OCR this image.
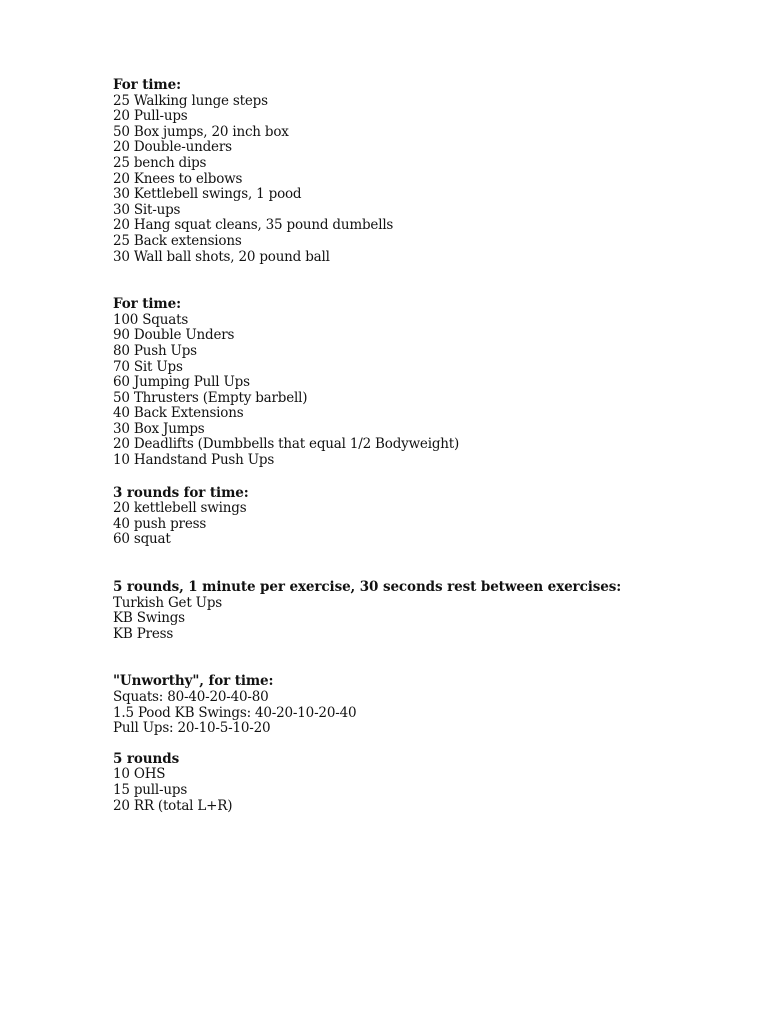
For time:

25 Walking lunge steps
20 Pull-ups
50 Box jumps, 20 inch box
20 Double-unders
25 bench dips
20 Knees to elbows
30 Kettlebell swings, 1 pood
30 Sit-ups
20 Hang squat cleans, 35 pound dumbells
25 Back extensions
30 Wall ball shots, 20 pound ball

For time:

100 Squats
90 Double Unders
80 Push Ups
70 Sit Ups
60 Jumping Pull Ups
50 Thrusters (Empty barbell)
40 Back Extensions
30 Box Jumps
20 Deadlifts (Dumbbells that equal 1/2 Bodyweight)
10 Handstand Push Ups

3 rounds for time:

20 kettlebell swings
40 push press
60 squat

5 rounds, 1 minute per exercise, 30 seconds rest between exercises:

Turkish Get Ups
KB Swings
KB Press

"Unworthy", for time:

Squats: 80-40-20-40-80
1.5 Pood KB Swings: 40-20-10-20-40
Pull Ups: 20-10-5-10-20

5 rounds

10 OHS
15 pull-ups
20 RR (total L+R)
